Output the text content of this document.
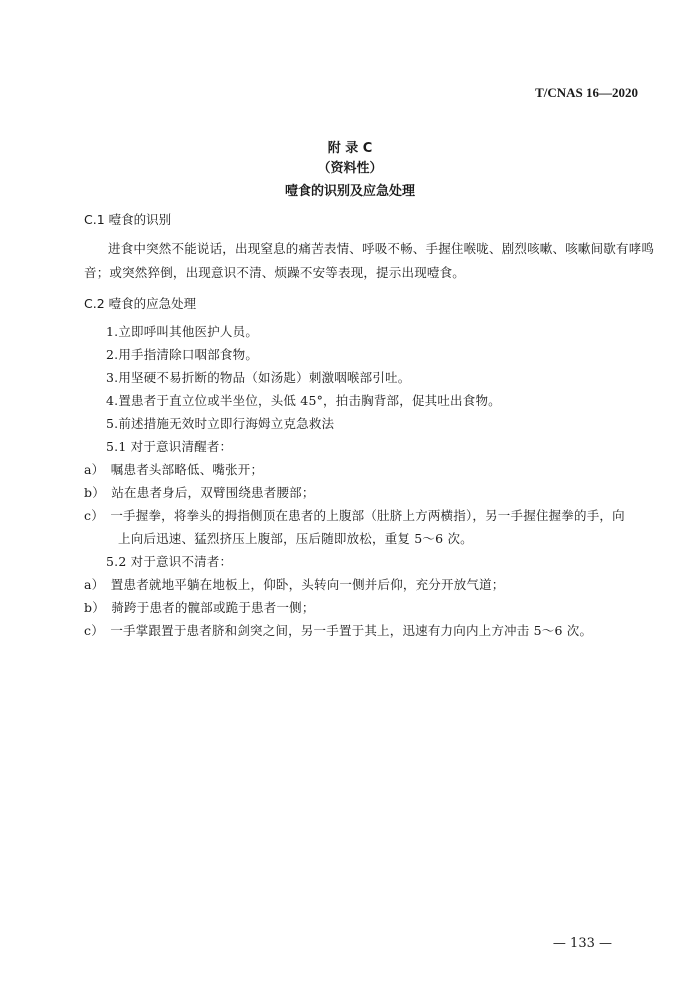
T/CNAS 16—2020
附 录 C
（资料性）
噎食的识别及应急处理
C.1 噎食的识别
进食中突然不能说话，出现窒息的痛苦表情、呼吸不畅、手握住喉咙、剧烈咳嗽、咳嗽间歇有哮鸣
音；或突然猝倒，出现意识不清、烦躁不安等表现，提示出现噎食。
C.2 噎食的应急处理
1.立即呼叫其他医护人员。
2.用手指清除口咽部食物。
3.用坚硬不易折断的物品（如汤匙）刺激咽喉部引吐。
4.置患者于直立位或半坐位，头低 45°，拍击胸背部，促其吐出食物。
5.前述措施无效时立即行海姆立克急救法
5.1 对于意识清醒者：
a）　嘱患者头部略低、嘴张开；
b）　站在患者身后，双臂围绕患者腰部；
c）　一手握拳，将拳头的拇指侧顶在患者的上腹部（肚脐上方两横指），另一手握住握拳的手，向
上向后迅速、猛烈挤压上腹部，压后随即放松，重复 5～6 次。
5.2 对于意识不清者：
a）　置患者就地平躺在地板上，仰卧，头转向一侧并后仰，充分开放气道；
b）　骑跨于患者的髋部或跪于患者一侧；
c）　一手掌跟置于患者脐和剑突之间，另一手置于其上，迅速有力向内上方冲击 5～6 次。
— 133 —
